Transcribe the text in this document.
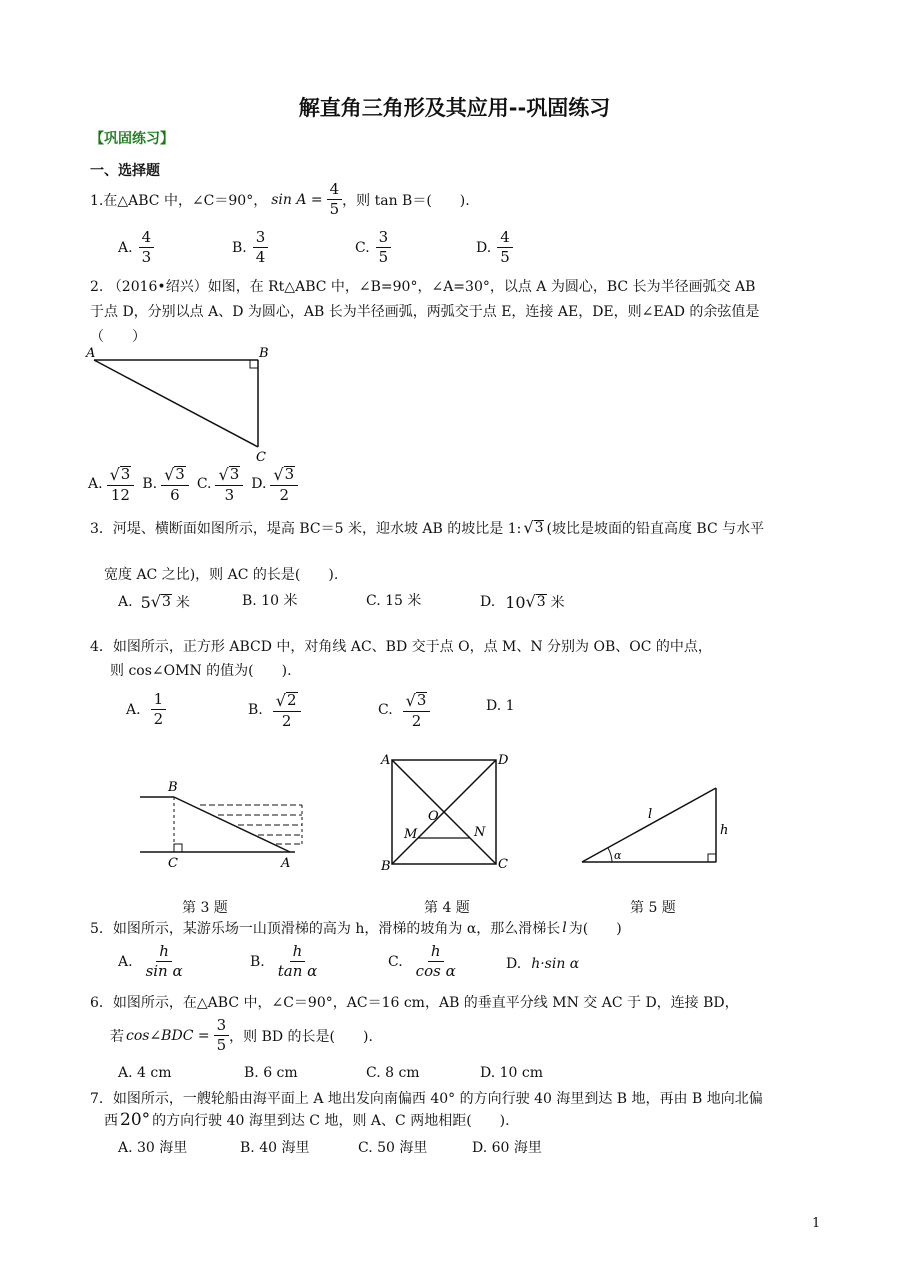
解直角三角形及其应用--巩固练习
【巩固练习】
一、选择题
1.在△ABC 中，∠C＝90°， $\sin A = \frac{4}{5}$ ，则 tan B＝(　　).
A. $\frac{4}{3}$	B. $\frac{3}{4}$	C. $\frac{3}{5}$	D. $\frac{4}{5}$
2. （2016•绍兴）如图，在 Rt△ABC 中，∠B=90°，∠A=30°，以点 A 为圆心，BC 长为半径画弧交 AB
于点 D，分别以点 A、D 为圆心，AB 长为半径画弧，两弧交于点 E，连接 AE，DE，则∠EAD 的余弦值是
（　　）
A	B
C
A. $\frac{√ 3}{12} B$. $\frac{√ 3}{6} C$. $\frac{√ 3}{3} D$. $\frac{√ 3}{2}$
3．河堤、横断面如图所示，堤高 BC＝5 米，迎水坡 AB 的坡比是 1: √ 3 (坡比是坡面的铅直高度 BC 与水平
宽度 AC 之比)，则 AC 的长是(　　).
A. 5 √ 3 米	B. 10 米	C. 15 米	D. 10 √ 3 米
4．如图所示，正方形 ABCD 中，对角线 AC、BD 交于点 O，点 M、N 分别为 OB、OC 的中点，
则 cos∠OMN 的值为(　　).
A. $\frac{1}{2}$	B. $\frac{√ 2}{2}$	C. $\frac{√ 3}{2}$	D. 1
B
C	A
A	D
O
M	N
B	C
α
l
h
第 3 题	第 4 题	第 5 题
5．如图所示，某游乐场一山顶滑梯的高为 h，滑梯的坡角为 α，那么滑梯长 l 为(　　)
A. $\frac{h}{\text{sin α}}$	B. $\frac{h}{\text{tan α}}$	C. $\frac{h}{\text{cos α}}$	D. h·sin α
6．如图所示，在△ABC 中，∠C＝90°，AC＝16 cm，AB 的垂直平分线 MN 交 AC 于 D，连接 BD，
若 cos∠BDC = $\frac{3}{5}$ ，则 BD 的长是(　　).
A. 4 cm	B. 6 cm	C. 8 cm	D. 10 cm
7．如图所示，一艘轮船由海平面上 A 地出发向南偏西 40° 的方向行驶 40 海里到达 B 地，再由 B 地向北偏
西 20° 的方向行驶 40 海里到达 C 地，则 A、C 两地相距(　　).
A. 30 海里	B. 40 海里	C. 50 海里	D. 60 海里
1
